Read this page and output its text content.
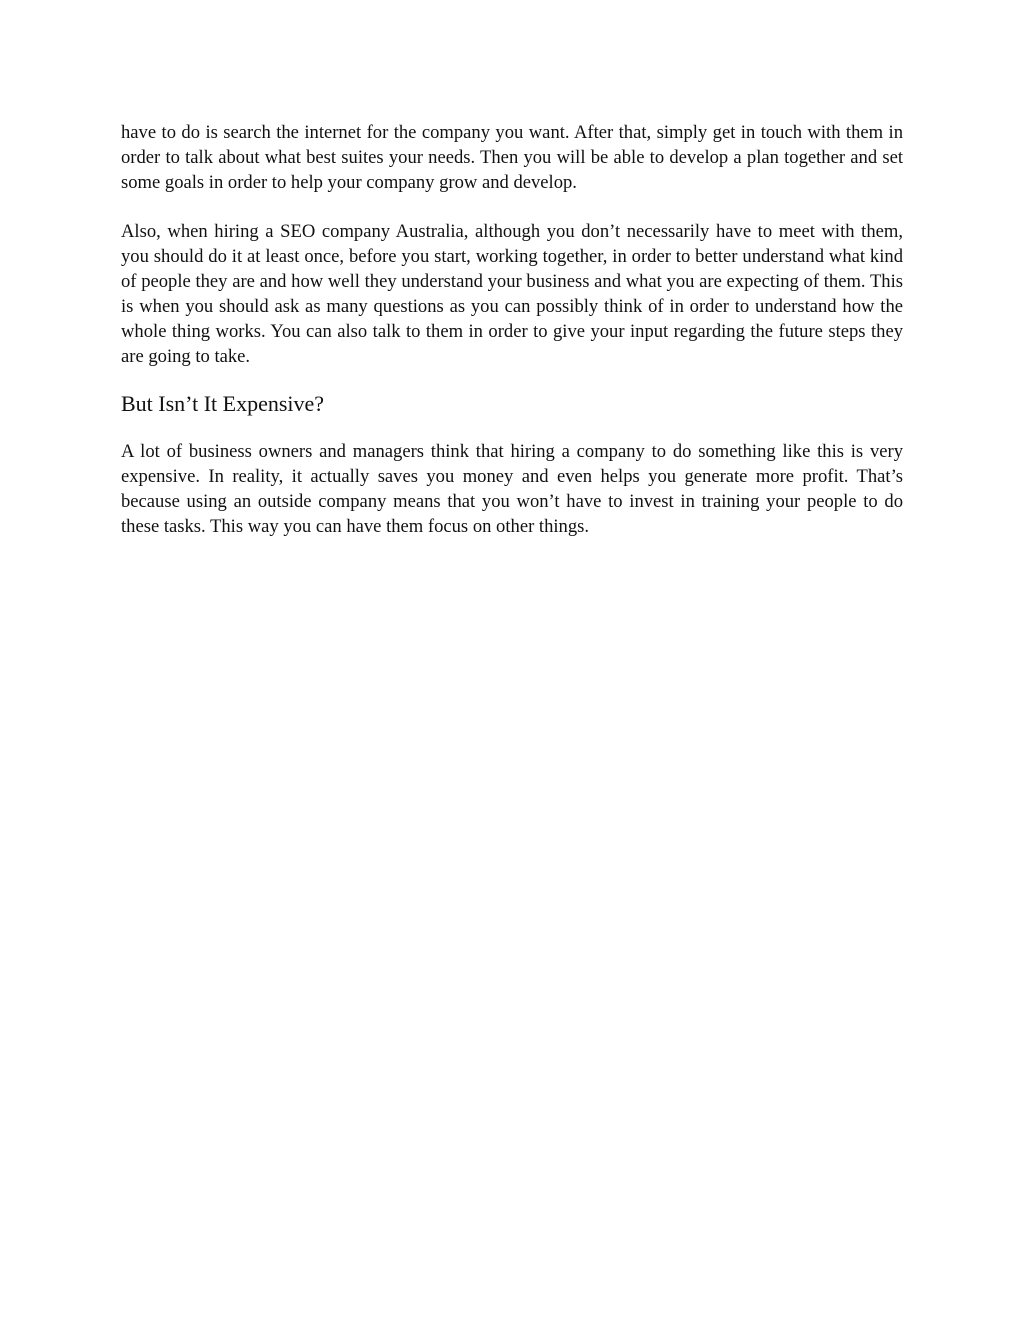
have to do is search the internet for the company you want. After that, simply get in touch with them in order to talk about what best suites your needs. Then you will be able to develop a plan together and set some goals in order to help your company grow and develop.

Also, when hiring a SEO company Australia, although you don’t necessarily have to meet with them, you should do it at least once, before you start, working together, in order to better understand what kind of people they are and how well they understand your business and what you are expecting of them. This is when you should ask as many questions as you can possibly think of in order to understand how the whole thing works. You can also talk to them in order to give your input regarding the future steps they are going to take.

But Isn’t It Expensive?

A lot of business owners and managers think that hiring a company to do something like this is very expensive. In reality, it actually saves you money and even helps you generate more profit. That’s because using an outside company means that you won’t have to invest in training your people to do these tasks. This way you can have them focus on other things.
